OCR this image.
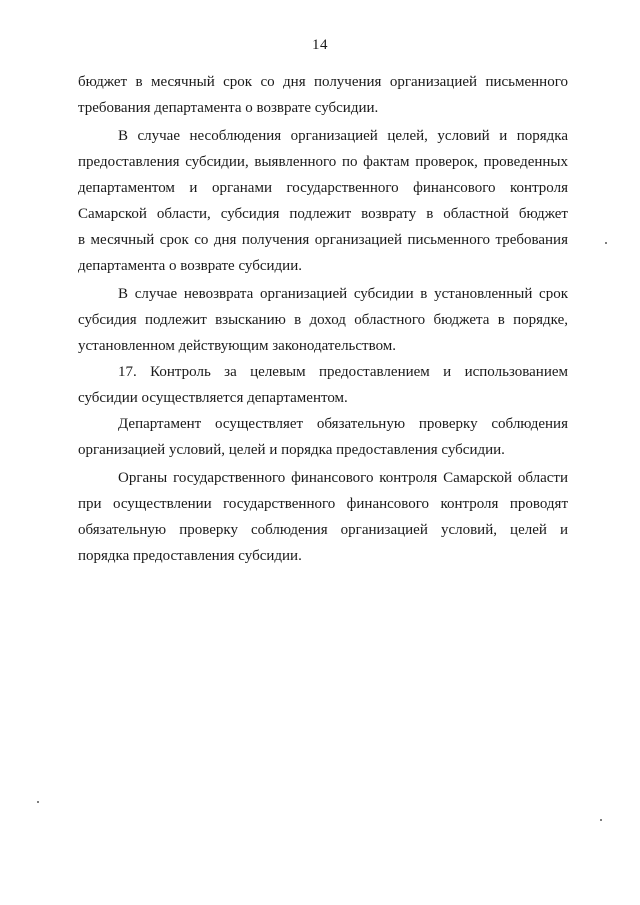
14
бюджет в месячный срок со дня получения организацией письменного
требования департамента о возврате субсидии.
В случае несоблюдения организацией целей, условий и порядка
предоставления субсидии, выявленного по фактам проверок, проведенных
департаментом и органами государственного финансового контроля
Самарской области, субсидия подлежит возврату в областной бюджет
в месячный срок со дня получения организацией письменного требования
департамента о возврате субсидии.
В случае невозврата организацией субсидии в установленный срок
субсидия подлежит взысканию в доход областного бюджета в порядке,
установленном действующим законодательством.
17. Контроль за целевым предоставлением и использованием
субсидии осуществляется департаментом.
Департамент осуществляет обязательную проверку соблюдения
организацией условий, целей и порядка предоставления субсидии.
Органы государственного финансового контроля Самарской области
при осуществлении государственного финансового контроля проводят
обязательную проверку соблюдения организацией условий, целей и
порядка предоставления субсидии.
